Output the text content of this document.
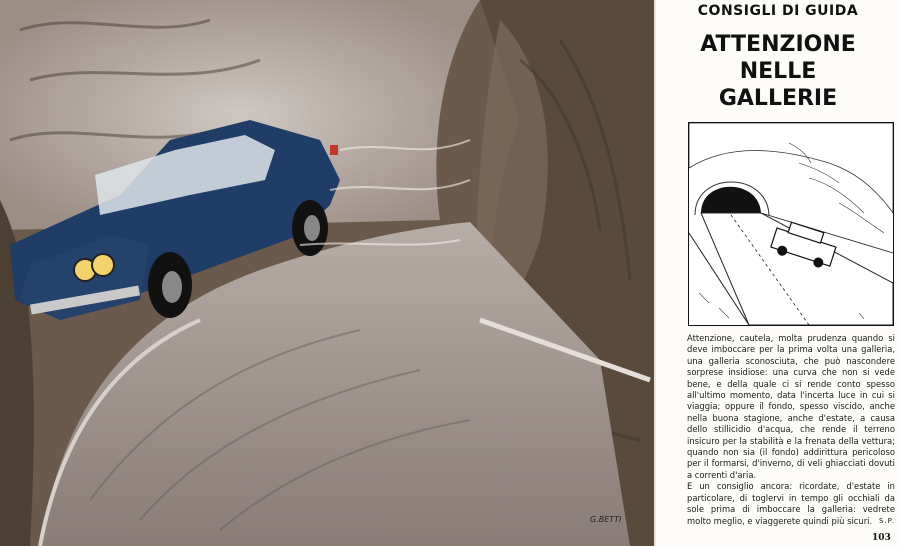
G.BETTI
CONSIGLI DI GUIDA
ATTENZIONE
NELLE
GALLERIE

Attenzione, cautela, molta prudenza quando si deve imboccare per la prima volta una galleria, una galleria sconosciuta, che può nascondere sorprese insidiose: una curva che non si vede bene, e della quale ci si rende conto spesso all'ultimo momento, data l'incerta luce in cui si viaggia; oppure il fondo, spesso viscido, anche nella buona stagione, anche d'estate, a causa dello stillicidio d'acqua, che rende il terreno insicuro per la stabilità e la frenata della vettura; quando non sia (il fondo) addirittura pericoloso per il formarsi, d'inverno, di veli ghiacciati dovuti a correnti d'aria.

E un consiglio ancora: ricordate, d'estate in particolare, di toglervi in tempo gli occhiali da sole prima di imboccare la galleria: vedrete molto meglio, e viaggerete quindi più sicuri. S.P.
103
